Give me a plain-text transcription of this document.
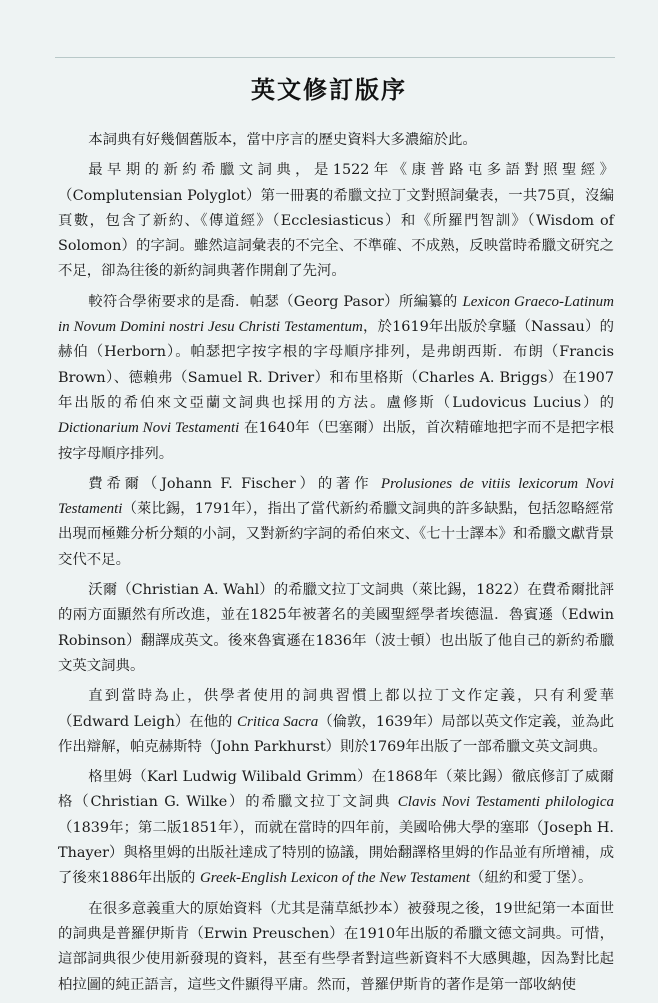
英文修訂版序

本詞典有好幾個舊版本，當中序言的歷史資料大多濃縮於此。

最早期的新約希臘文詞典，是1522年《康普路屯多語對照聖經》（Complutensian Polyglot）第一冊裏的希臘文拉丁文對照詞彙表，一共75頁，沒編頁數，包含了新約、《傳道經》（Ecclesiasticus）和《所羅門智訓》（Wisdom of Solomon）的字詞。雖然這詞彙表的不完全、不準確、不成熟，反映當時希臘文研究之不足，卻為往後的新約詞典著作開創了先河。

較符合學術要求的是喬．帕瑟（Georg Pasor）所編纂的 Lexicon Graeco-Latinum in Novum Domini nostri Jesu Christi Testamentum，於1619年出版於拿騷（Nassau）的赫伯（Herborn）。帕瑟把字按字根的字母順序排列，是弗朗西斯．布朗（Francis Brown）、德賴弗（Samuel R. Driver）和布里格斯（Charles A. Briggs）在1907年出版的希伯來文亞蘭文詞典也採用的方法。盧修斯（Ludovicus Lucius）的 Dictionarium Novi Testamenti 在1640年（巴塞爾）出版，首次精確地把字而不是把字根按字母順序排列。

費希爾（Johann F. Fischer）的著作 Prolusiones de vitiis lexicorum Novi Testamenti（萊比錫，1791年），指出了當代新約希臘文詞典的許多缺點，包括忽略經常出現而極難分析分類的小詞，又對新約字詞的希伯來文、《七十士譯本》和希臘文獻背景交代不足。

沃爾（Christian A. Wahl）的希臘文拉丁文詞典（萊比錫，1822）在費希爾批評的兩方面顯然有所改進，並在1825年被著名的美國聖經學者埃德温．魯賓遜（Edwin Robinson）翻譯成英文。後來魯賓遜在1836年（波士頓）也出版了他自己的新約希臘文英文詞典。

直到當時為止，供學者使用的詞典習慣上都以拉丁文作定義，只有利愛華（Edward Leigh）在他的 Critica Sacra（倫敦，1639年）局部以英文作定義，並為此作出辯解，帕克赫斯特（John Parkhurst）則於1769年出版了一部希臘文英文詞典。

格里姆（Karl Ludwig Wilibald Grimm）在1868年（萊比錫）徹底修訂了威爾格（Christian G. Wilke）的希臘文拉丁文詞典 Clavis Novi Testamenti philologica（1839年；第二版1851年），而就在當時的四年前，美國哈佛大學的塞耶（Joseph H. Thayer）與格里姆的出版社達成了特別的協議，開始翻譯格里姆的作品並有所增補，成了後來1886年出版的 Greek-English Lexicon of the New Testament（紐約和愛丁堡）。

在很多意義重大的原始資料（尤其是蒲草紙抄本）被發現之後，19世紀第一本面世的詞典是普羅伊斯肯（Erwin Preuschen）在1910年出版的希臘文德文詞典。可惜，這部詞典很少使用新發現的資料，甚至有些學者對這些新資料不大感興趣，因為對比起柏拉圖的純正語言，這些文件顯得平庸。然而，普羅伊斯肯的著作是第一部收納使
